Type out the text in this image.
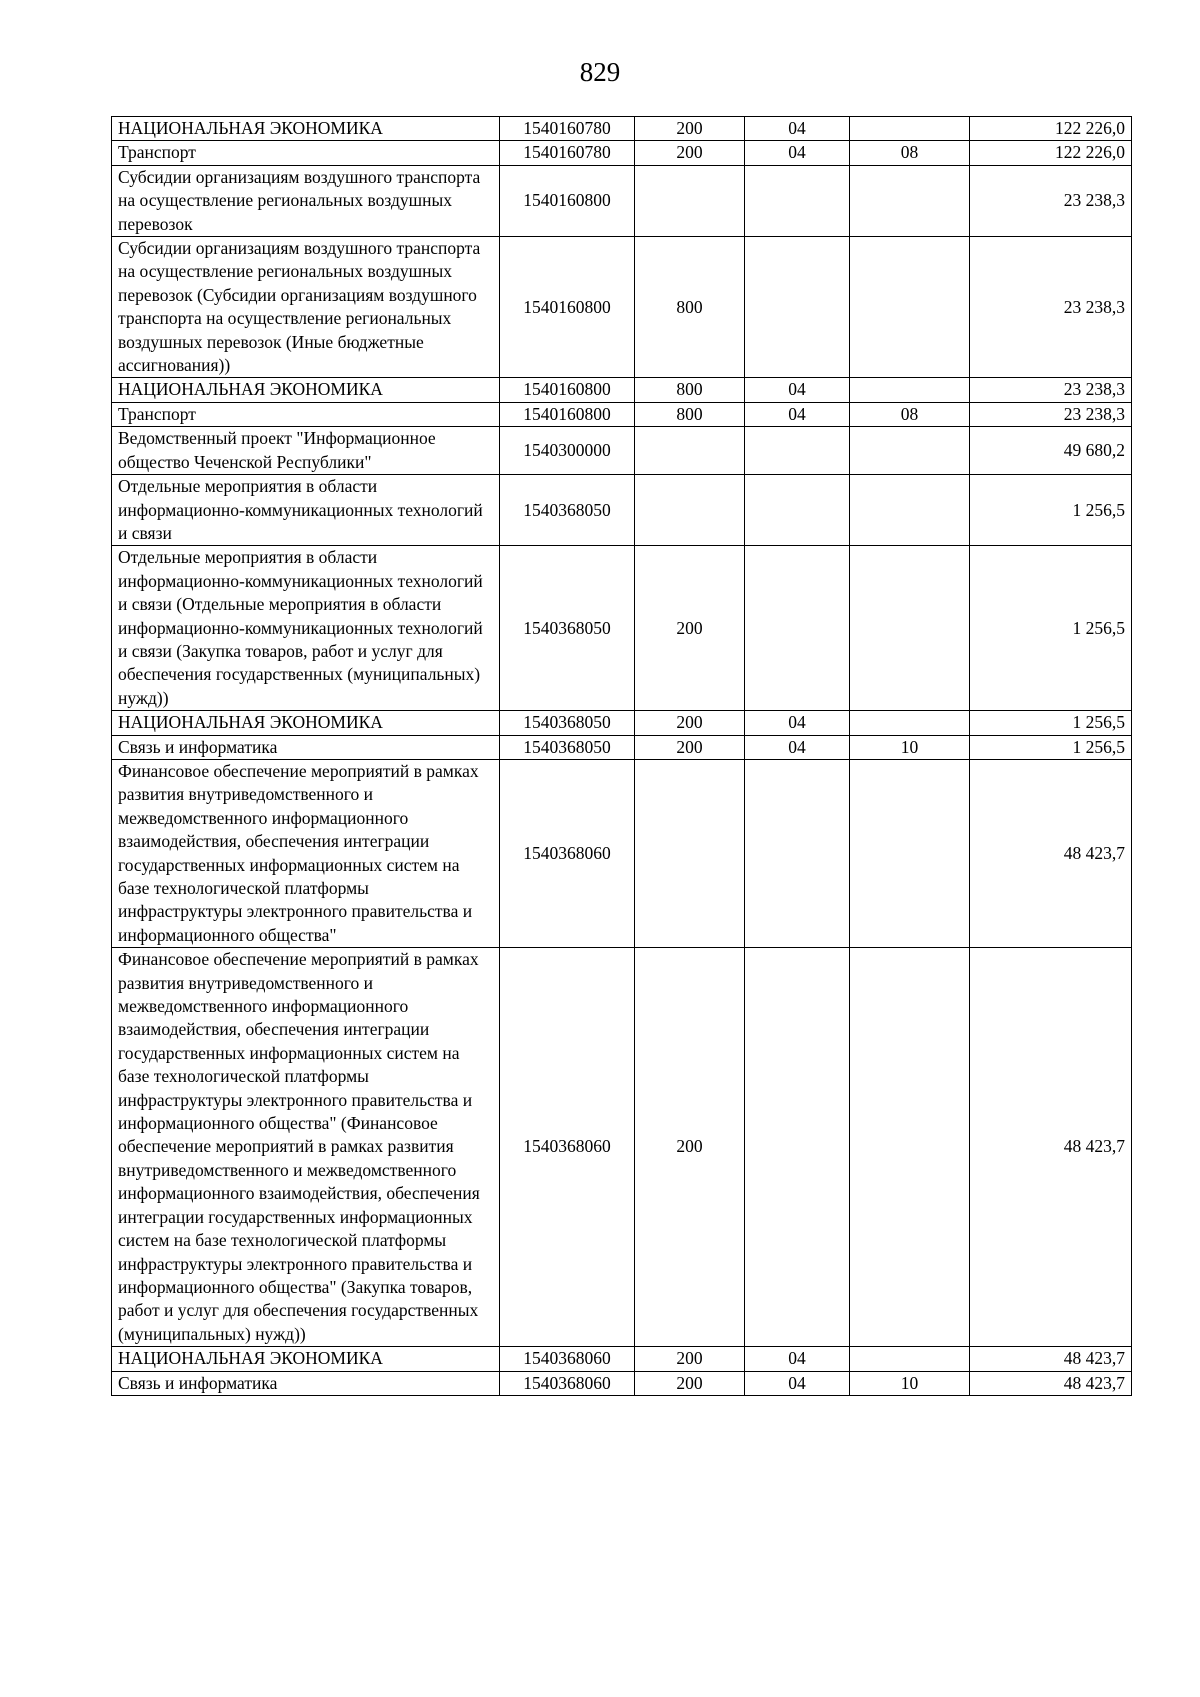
829
НАЦИОНАЛЬНАЯ ЭКОНОМИКА	1540160780	200	04		122 226,0
Транспорт	1540160780	200	04	08	122 226,0
Субсидии организациям воздушного транспорта на осуществление региональных воздушных перевозок	1540160800				23 238,3
Субсидии организациям воздушного транспорта на осуществление региональных воздушных перевозок (Субсидии организациям воздушного транспорта на осуществление региональных воздушных перевозок (Иные бюджетные ассигнования))	1540160800	800			23 238,3
НАЦИОНАЛЬНАЯ ЭКОНОМИКА	1540160800	800	04		23 238,3
Транспорт	1540160800	800	04	08	23 238,3
Ведомственный проект "Информационное общество Чеченской Республики"	1540300000				49 680,2
Отдельные мероприятия в области информационно-коммуникационных технологий и связи	1540368050				1 256,5
Отдельные мероприятия в области информационно-коммуникационных технологий и связи (Отдельные мероприятия в области информационно-коммуникационных технологий и связи (Закупка товаров, работ и услуг для обеспечения государственных (муниципальных) нужд))	1540368050	200			1 256,5
НАЦИОНАЛЬНАЯ ЭКОНОМИКА	1540368050	200	04		1 256,5
Связь и информатика	1540368050	200	04	10	1 256,5
Финансовое обеспечение мероприятий в рамках развития внутриведомственного и межведомственного информационного взаимодействия, обеспечения интеграции государственных информационных систем на базе технологической платформы инфраструктуры электронного правительства и информационного общества"	1540368060				48 423,7
Финансовое обеспечение мероприятий в рамках развития внутриведомственного и межведомственного информационного взаимодействия, обеспечения интеграции государственных информационных систем на базе технологической платформы инфраструктуры электронного правительства и информационного общества" (Финансовое обеспечение мероприятий в рамках развития внутриведомственного и межведомственного информационного взаимодействия, обеспечения интеграции государственных информационных систем на базе технологической платформы инфраструктуры электронного правительства и информационного общества" (Закупка товаров, работ и услуг для обеспечения государственных (муниципальных) нужд))	1540368060	200			48 423,7
НАЦИОНАЛЬНАЯ ЭКОНОМИКА	1540368060	200	04		48 423,7
Связь и информатика	1540368060	200	04	10	48 423,7
